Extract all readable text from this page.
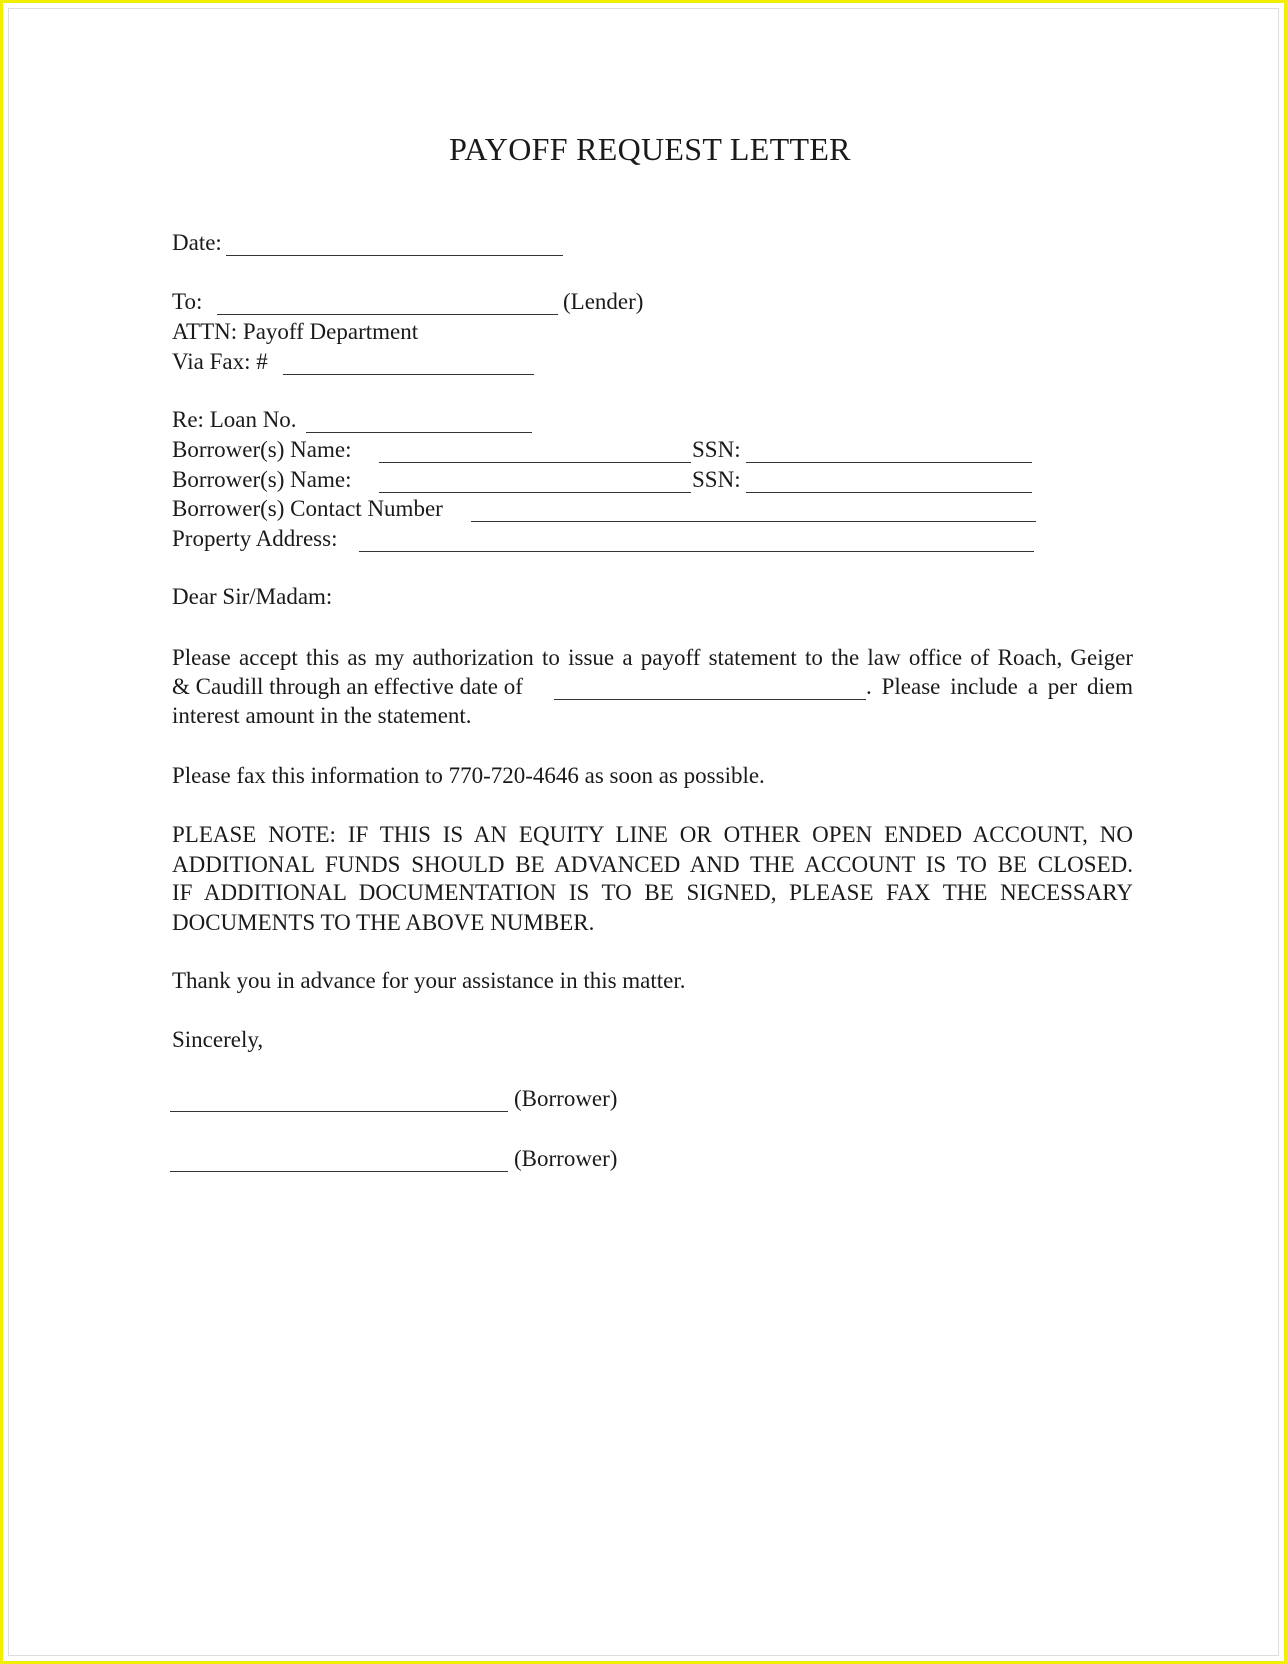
PAYOFF REQUEST LETTER
Date:
To:	(Lender)
ATTN: Payoff Department
Via Fax: #
Re: Loan No.
Borrower(s) Name:	SSN:
Borrower(s) Name:	SSN:
Borrower(s) Contact Number
Property Address:
Dear Sir/Madam:
Please accept this as my authorization to issue a payoff statement to the law office of Roach, Geiger
& Caudill through an effective date of	. Please include a per diem
interest amount in the statement.
Please fax this information to 770-720-4646 as soon as possible.
PLEASE NOTE: IF THIS IS AN EQUITY LINE OR OTHER OPEN ENDED ACCOUNT, NO
ADDITIONAL FUNDS SHOULD BE ADVANCED AND THE ACCOUNT IS TO BE CLOSED.
IF ADDITIONAL DOCUMENTATION IS TO BE SIGNED, PLEASE FAX THE NECESSARY
DOCUMENTS TO THE ABOVE NUMBER.
Thank you in advance for your assistance in this matter.
Sincerely,
(Borrower)
(Borrower)
